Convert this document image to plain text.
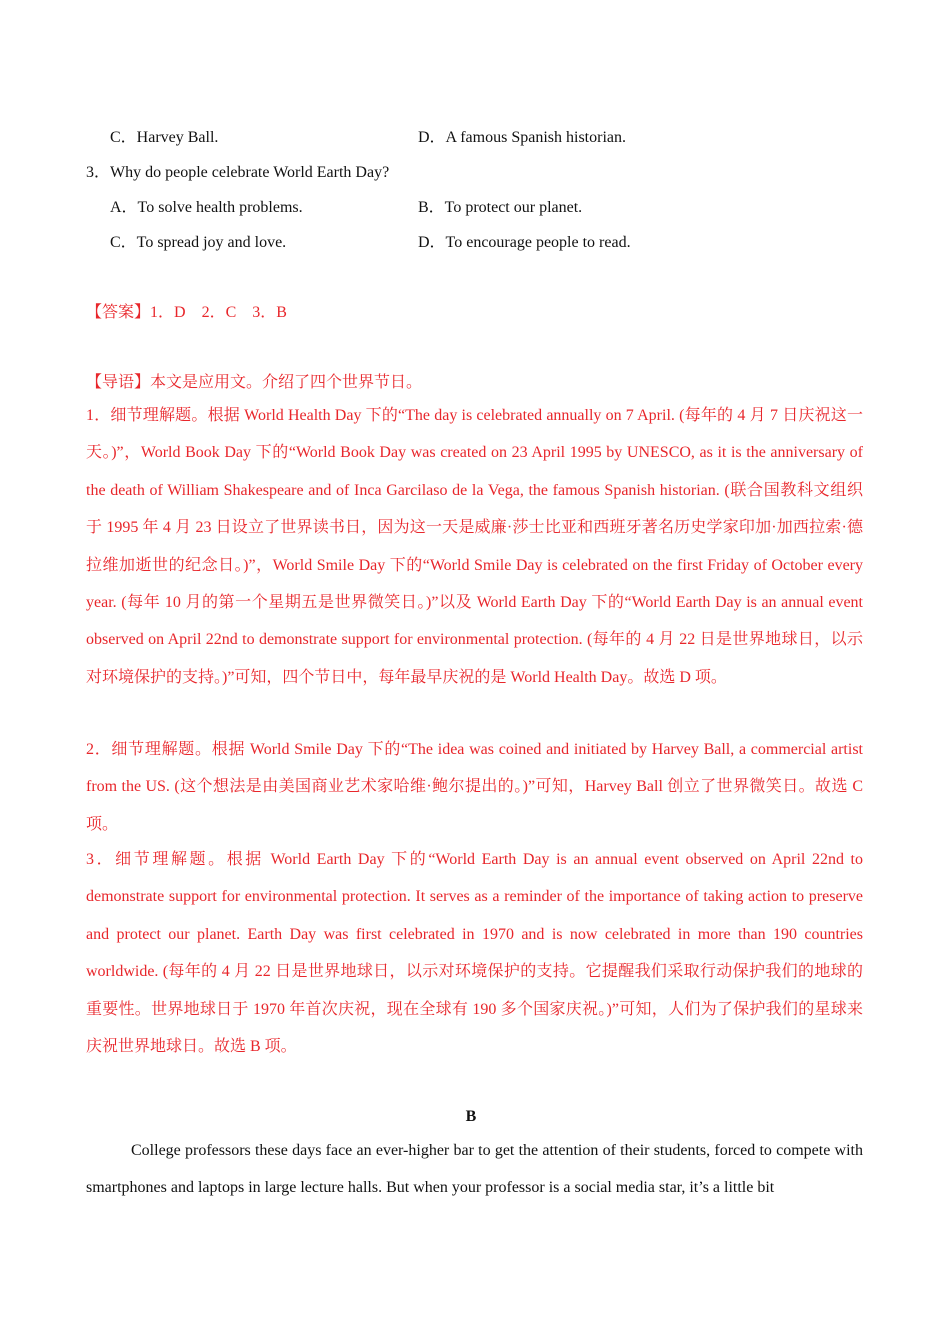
C．Harvey Ball.	D．A famous Spanish historian.
3．Why do people celebrate World Earth Day?
A．To solve health problems.	B．To protect our planet.
C．To spread joy and love.	D．To encourage people to read.
【答案】1．D　2．C　3．B
【导语】本文是应用文。介绍了四个世界节日。
1．细节理解题。根据 World Health Day 下的“The day is celebrated annually on 7 April. (每年的 4 月 7 日庆祝这一天。)”，World Book Day 下的“World Book Day was created on 23 April 1995 by UNESCO, as it is the anniversary of the death of William Shakespeare and of Inca Garcilaso de la Vega, the famous Spanish historian. (联合国教科文组织于 1995 年 4 月 23 日设立了世界读书日，因为这一天是威廉·莎士比亚和西班牙著名历史学家印加·加西拉索·德拉维加逝世的纪念日。)”，World Smile Day 下的“World Smile Day is celebrated on the first Friday of October every year. (每年 10 月的第一个星期五是世界微笑日。)”以及 World Earth Day 下的“World Earth Day is an annual event observed on April 22nd to demonstrate support for environmental protection. (每年的 4 月 22 日是世界地球日，以示对环境保护的支持。)”可知，四个节日中，每年最早庆祝的是 World Health Day。故选 D 项。
2．细节理解题。根据 World Smile Day 下的“The idea was coined and initiated by Harvey Ball, a commercial artist from the US. (这个想法是由美国商业艺术家哈维·鲍尔提出的。)”可知，Harvey Ball 创立了世界微笑日。故选 C 项。
3．细节理解题。根据 World Earth Day 下的“World Earth Day is an annual event observed on April 22nd to demonstrate support for environmental protection. It serves as a reminder of the importance of taking action to preserve and protect our planet. Earth Day was first celebrated in 1970 and is now celebrated in more than 190 countries worldwide. (每年的 4 月 22 日是世界地球日，以示对环境保护的支持。它提醒我们采取行动保护我们的地球的重要性。世界地球日于 1970 年首次庆祝，现在全球有 190 多个国家庆祝。)”可知，人们为了保护我们的星球来庆祝世界地球日。故选 B 项。
B
College professors these days face an ever-higher bar to get the attention of their students, forced to compete with smartphones and laptops in large lecture halls. But when your professor is a social media star, it’s a little bit
